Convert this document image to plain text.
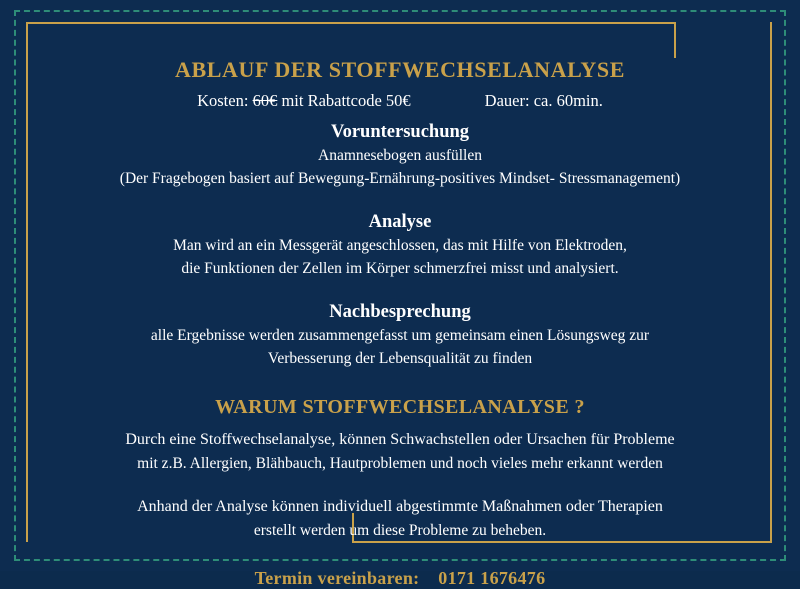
ABLAUF DER STOFFWECHSELANALYSE
Kosten: 60€ mit Rabattcode 50€	Dauer: ca. 60min.
Voruntersuchung
Anamnesebogen ausfüllen
(Der Fragebogen basiert auf Bewegung-Ernährung-positives Mindset- Stressmanagement)
Analyse
Man wird an ein Messgerät angeschlossen, das mit Hilfe von Elektroden,
die Funktionen der Zellen im Körper schmerzfrei misst und analysiert.
Nachbesprechung
alle Ergebnisse werden zusammengefasst um gemeinsam einen Lösungsweg zur
Verbesserung der Lebensqualität zu finden
WARUM STOFFWECHSELANALYSE ?
Durch eine Stoffwechselanalyse, können Schwachstellen oder Ursachen für Probleme
mit z.B. Allergien, Blähbauch, Hautproblemen und noch vieles mehr erkannt werden
Anhand der Analyse können individuell abgestimmte Maßnahmen oder Therapien
erstellt werden um diese Probleme zu beheben.
Termin vereinbaren: 0171 1676476
